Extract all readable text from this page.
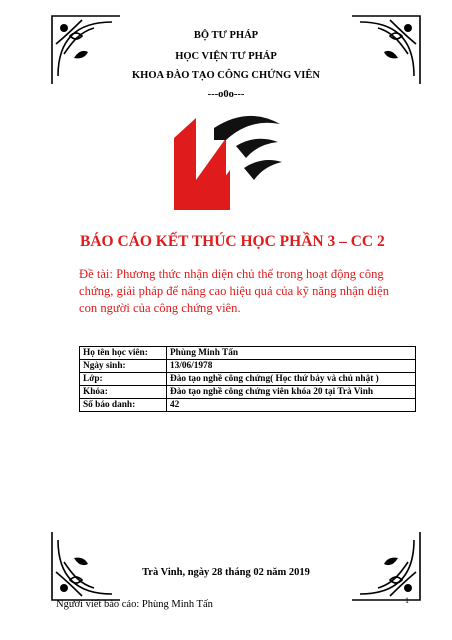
BỘ TƯ PHÁP
HỌC VIỆN TƯ PHÁP
KHOA ĐÀO TẠO CÔNG CHỨNG VIÊN
---o0o---
BÁO CÁO KẾT THÚC HỌC PHẦN 3 – CC 2
Đề tài: Phương thức nhận diện chủ thể trong hoạt động công
chứng, giải pháp để nâng cao hiệu quả của kỹ năng nhận diện
con người của công chứng viên.
Họ tên học viên:	Phùng Minh Tấn
Ngày sinh:	13/06/1978
Lớp:	Đào tạo nghề công chứng( Học thứ bảy và chủ nhật )
Khóa:	Đào tạo nghề công chứng viên khóa 20 tại Trà Vinh
Số báo danh:	42
Trà Vinh, ngày 28 tháng 02 năm 2019
Người viết báo cáo: Phùng Minh Tấn	1
